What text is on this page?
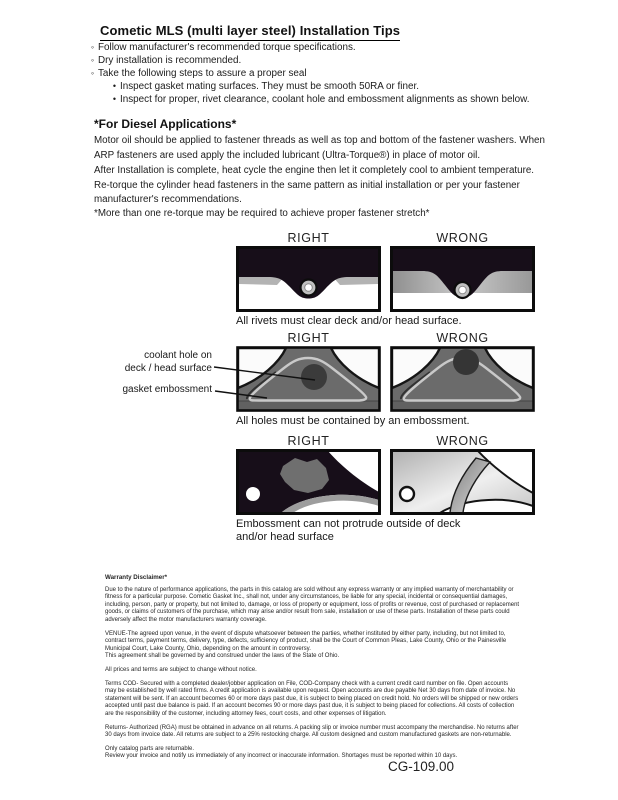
Cometic MLS (multi layer steel) Installation Tips
◦ Follow manufacturer's recommended torque specifications.
◦ Dry installation is recommended.
◦ Take the following steps to assure a proper seal
• Inspect gasket mating surfaces. They must be smooth 50RA or finer.
• Inspect for proper, rivet clearance, coolant hole and embossment alignments as shown below.
*For Diesel Applications*

Motor oil should be applied to fastener threads as well as top and bottom of the fastener washers. When ARP fasteners are used apply the included lubricant (Ultra-Torque®) in place of motor oil.

After Installation is complete, heat cycle the engine then let it completely cool to ambient temperature. Re-torque the cylinder head fasteners in the same pattern as initial installation or per your fastener manufacturer's recommendations.

*More than one re-torque may be required to achieve proper fastener stretch*

RIGHT	WRONG
All rivets must clear deck and/or head surface.
RIGHT	WRONG
All holes must be contained by an embossment.
coolant hole on
deck / head surface
gasket embossment
RIGHT	WRONG
Embossment can not protrude outside of deck and/or head surface
Warranty Disclaimer*

Due to the nature of performance applications, the parts in this catalog are sold without any express warranty or any implied warranty of merchantability or fitness for a particular purpose. Cometic Gasket Inc., shall not, under any circumstances, be liable for any special, incidental or consequential damages, including, person, party or property, but not limited to, damage, or loss of property or equipment, loss of profits or revenue, cost of purchased or replacement goods, or claims of customers of the purchase, which may arise and/or result from sale, installation or use of these parts. Installation of these parts could adversely affect the motor manufacturers warranty coverage.

VENUE-The agreed upon venue, in the event of dispute whatsoever between the parties, whether instituted by either party, including, but not limited to, contract terms, payment terms, delivery, type, defects, sufficiency of product, shall be the Court of Common Pleas, Lake County, Ohio or the Painesville Municipal Court, Lake County, Ohio, depending on the amount in controversy.

This agreement shall be governed by and construed under the laws of the State of Ohio.

All prices and terms are subject to change without notice.

Terms COD- Secured with a completed dealer/jobber application on File, COD-Company check with a current credit card number on file. Open accounts may be established by well rated firms. A credit application is available upon request. Open accounts are due payable Net 30 days from date of invoice. No statement will be sent. If an account becomes 60 or more days past due, it is subject to being placed on credit hold. No orders will be shipped or new orders accepted until past due balance is paid. If an account becomes 90 or more days past due, it is subject to being placed for collections. All costs of collection are the responsibility of the customer, including attorney fees, court costs, and other expenses of litigation.

Returns- Authorized (RGA) must be obtained in advance on all returns. A packing slip or invoice number must accompany the merchandise. No returns after 30 days from invoice date. All returns are subject to a 25% restocking charge. All custom designed and custom manufactured gaskets are non-returnable.

Only catalog parts are returnable.

Review your invoice and notify us immediately of any incorrect or inaccurate information. Shortages must be reported within 10 days.

CG-109.00
